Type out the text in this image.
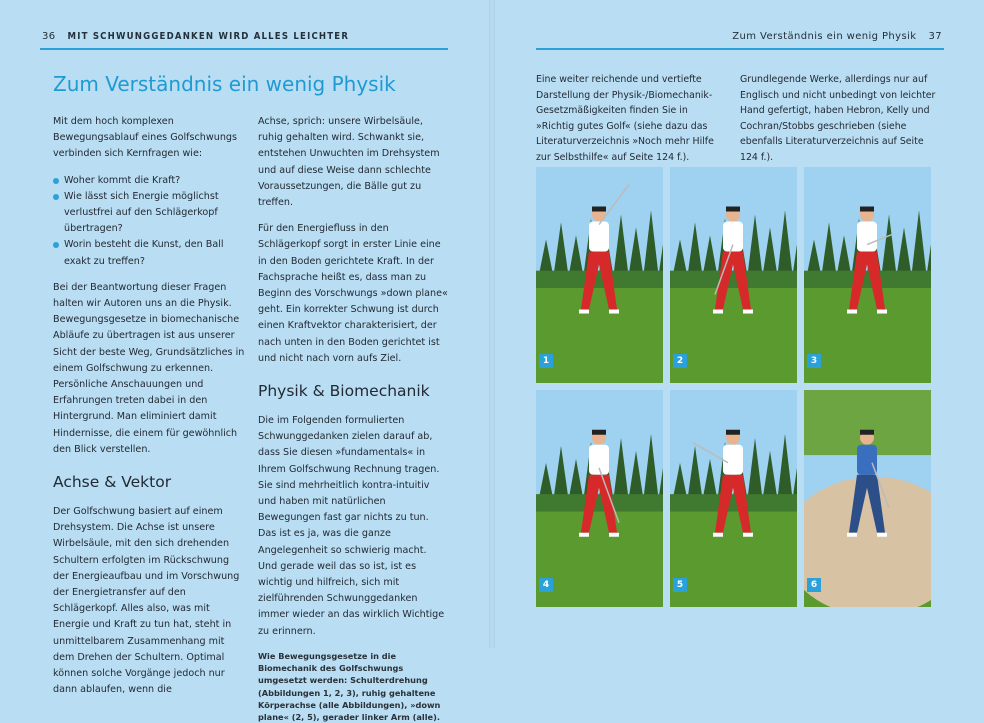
36 MIT SCHWUNGGEDANKEN WIRD ALLES LEICHTER
Zum Verständnis ein wenig Physik

Mit dem hoch komplexen Bewegungsablauf eines Golfschwungs verbinden sich Kernfragen wie:

Woher kommt die Kraft?
Wie lässt sich Energie möglichst verlustfrei auf den Schlägerkopf übertragen?
Worin besteht die Kunst, den Ball exakt zu treffen?

Bei der Beantwortung dieser Fragen halten wir Autoren uns an die Physik. Bewegungsgesetze in biomechanische Abläufe zu übertragen ist aus unserer Sicht der beste Weg, Grundsätzliches in einem Golfschwung zu erkennen. Persönliche Anschauungen und Erfahrungen treten dabei in den Hintergrund. Man eliminiert damit Hindernisse, die einem für gewöhnlich den Blick verstellen.

Achse & Vektor

Der Golfschwung basiert auf einem Drehsystem. Die Achse ist unsere Wirbelsäule, mit den sich drehenden Schultern erfolgten im Rückschwung der Energieaufbau und im Vorschwung der Energietransfer auf den Schlägerkopf. Alles also, was mit Energie und Kraft zu tun hat, steht in unmittelbarem Zusammenhang mit dem Drehen der Schultern. Optimal können solche Vorgänge jedoch nur dann ablaufen, wenn die

Achse, sprich: unsere Wirbelsäule, ruhig gehalten wird. Schwankt sie, entstehen Unwuchten im Drehsystem und auf diese Weise dann schlechte Voraussetzungen, die Bälle gut zu treffen.

Für den Energiefluss in den Schlägerkopf sorgt in erster Linie eine in den Boden gerichtete Kraft. In der Fachsprache heißt es, dass man zu Beginn des Vorschwungs »down plane« geht. Ein korrekter Schwung ist durch einen Kraftvektor charakterisiert, der nach unten in den Boden gerichtet ist und nicht nach vorn aufs Ziel.

Physik & Biomechanik

Die im Folgenden formulierten Schwunggedanken zielen darauf ab, dass Sie diesen »fundamentals« in Ihrem Golfschwung Rechnung tragen. Sie sind mehrheitlich kontra-intuitiv und haben mit natürlichen Bewegungen fast gar nichts zu tun. Das ist es ja, was die ganze Angelegenheit so schwierig macht. Und gerade weil das so ist, ist es wichtig und hilfreich, sich mit zielführenden Schwunggedanken immer wieder an das wirklich Wichtige zu erinnern.

Wie Bewegungsgesetze in die Biomechanik des Golfschwungs umgesetzt werden: Schulterdrehung (Abbildungen 1, 2, 3), ruhig gehaltene Körperachse (alle Abbildungen), »down plane« (2, 5), gerader linker Arm (alle).
Zum Verständnis ein wenig Physik 37

Eine weiter reichende und vertiefte Darstellung der Physik-/Biomechanik-Gesetzmäßigkeiten finden Sie in »Richtig gutes Golf« (siehe dazu das Literaturverzeichnis »Noch mehr Hilfe zur Selbsthilfe« auf Seite 124 f.).

Grundlegende Werke, allerdings nur auf Englisch und nicht unbedingt von leichter Hand gefertigt, haben Hebron, Kelly und Cochran/Stobbs geschrieben (siehe ebenfalls Literaturverzeichnis auf Seite 124 f.).

1	2	3
4	5	6
